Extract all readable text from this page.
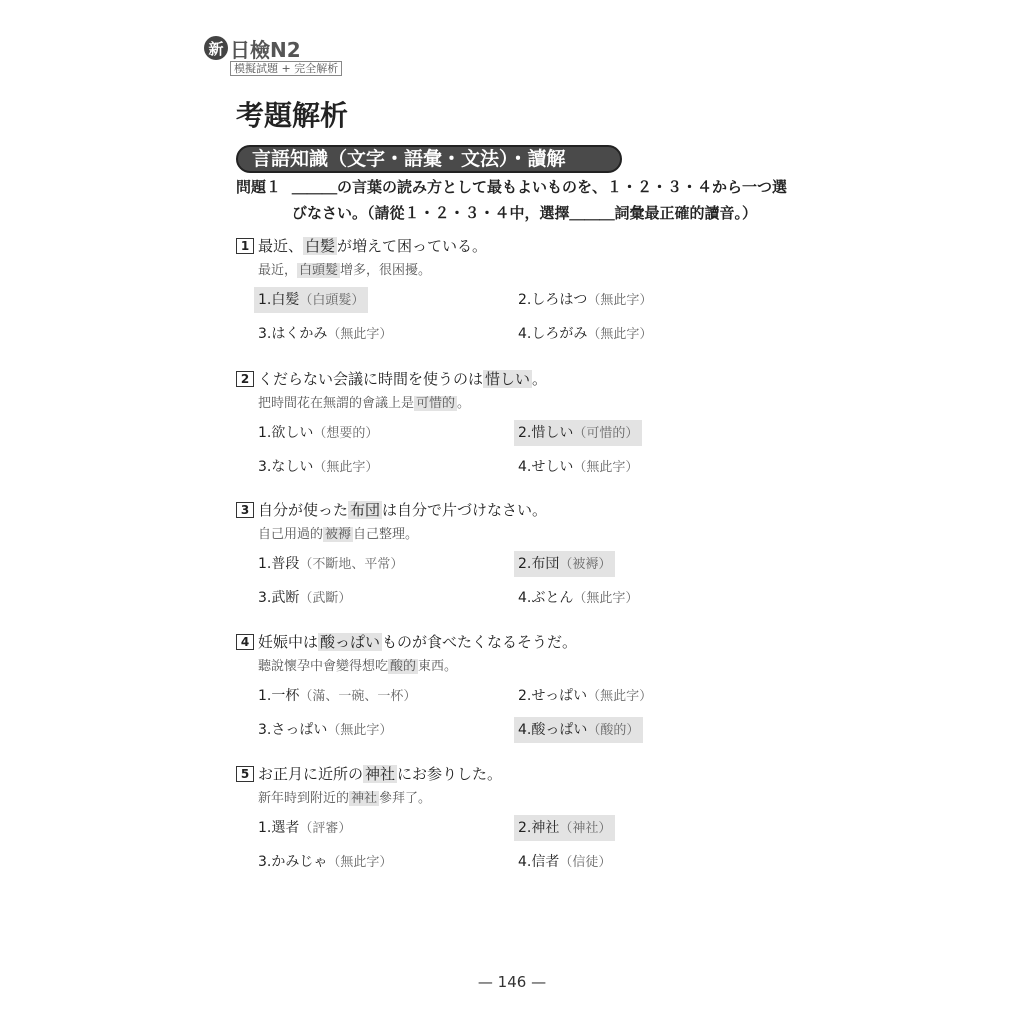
新 日檢N2
模擬試題 + 完全解析
考題解析
言語知識（文字・語彙・文法）・讀解
問題１ ＿＿＿の言葉の読み方として最もよいものを、１・２・３・４から一つ選
びなさい。（請從１・２・３・４中，選擇＿＿＿詞彙最正確的讀音。）
1 最近、 白髪 が増えて困っている。
最近， 白頭髮 增多，很困擾。
1.白髪（白頭髮）	2.しろはつ（無此字）
3.はくかみ（無此字）	4.しろがみ（無此字）
2 くだらない会議に時間を使うのは 惜しい 。
把時間花在無謂的會議上是 可惜的 。
1.欲しい（想要的）	2.惜しい（可惜的）
3.なしい（無此字）	4.せしい（無此字）
3 自分が使った 布団 は自分で片づけなさい。
自己用過的 被褥 自己整理。
1.普段（不斷地、平常）	2.布団（被褥）
3.武断（武斷）	4.ぶとん（無此字）
4 妊娠中は 酸っぱい ものが食べたくなるそうだ。
聽說懷孕中會變得想吃 酸的 東西。
1.一杯（滿、一碗、一杯）	2.せっぱい（無此字）
3.さっぱい（無此字）	4.酸っぱい（酸的）
5 お正月に近所の 神社 にお参りした。
新年時到附近的 神社 參拜了。
1.選者（評審）	2.神社（神社）
3.かみじゃ（無此字）	4.信者（信徒）
— 146 —
